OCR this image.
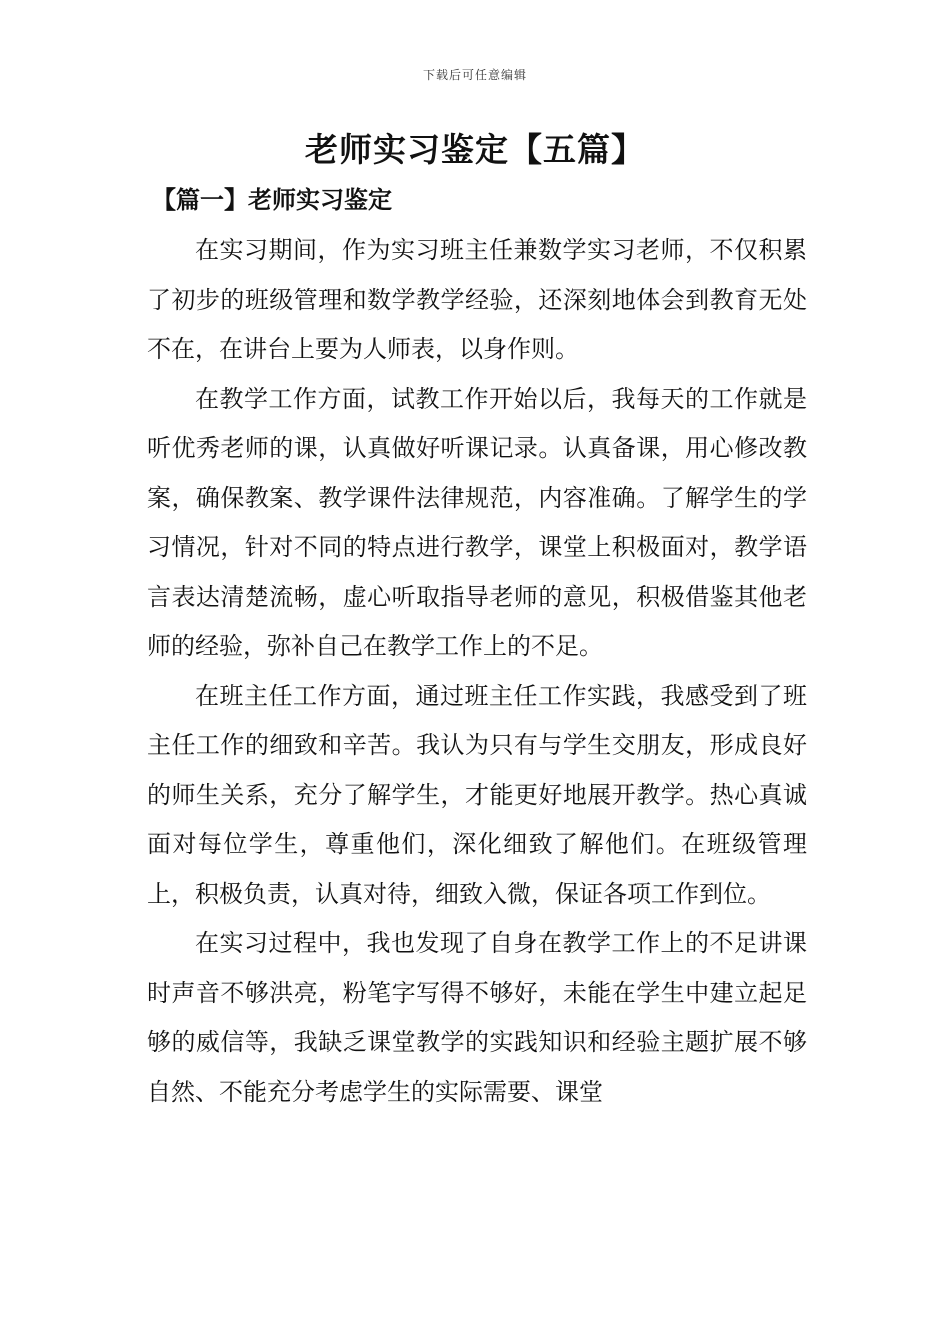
下载后可任意编辑
老师实习鉴定【五篇】
【篇一】老师实习鉴定

在实习期间，作为实习班主任兼数学实习老师，不仅积累了初步的班级管理和数学教学经验，还深刻地体会到教育无处不在，在讲台上要为人师表，以身作则。

在教学工作方面，试教工作开始以后，我每天的工作就是听优秀老师的课，认真做好听课记录。认真备课，用心修改教案，确保教案、教学课件法律规范，内容准确。了解学生的学习情况，针对不同的特点进行教学，课堂上积极面对，教学语言表达清楚流畅，虚心听取指导老师的意见，积极借鉴其他老师的经验，弥补自己在教学工作上的不足。

在班主任工作方面，通过班主任工作实践，我感受到了班主任工作的细致和辛苦。我认为只有与学生交朋友，形成良好的师生关系，充分了解学生，才能更好地展开教学。热心真诚面对每位学生，尊重他们，深化细致了解他们。在班级管理上，积极负责，认真对待，细致入微，保证各项工作到位。

在实习过程中，我也发现了自身在教学工作上的不足讲课时声音不够洪亮，粉笔字写得不够好，未能在学生中建立起足够的威信等，我缺乏课堂教学的实践知识和经验主题扩展不够自然、不能充分考虑学生的实际需要、课堂
